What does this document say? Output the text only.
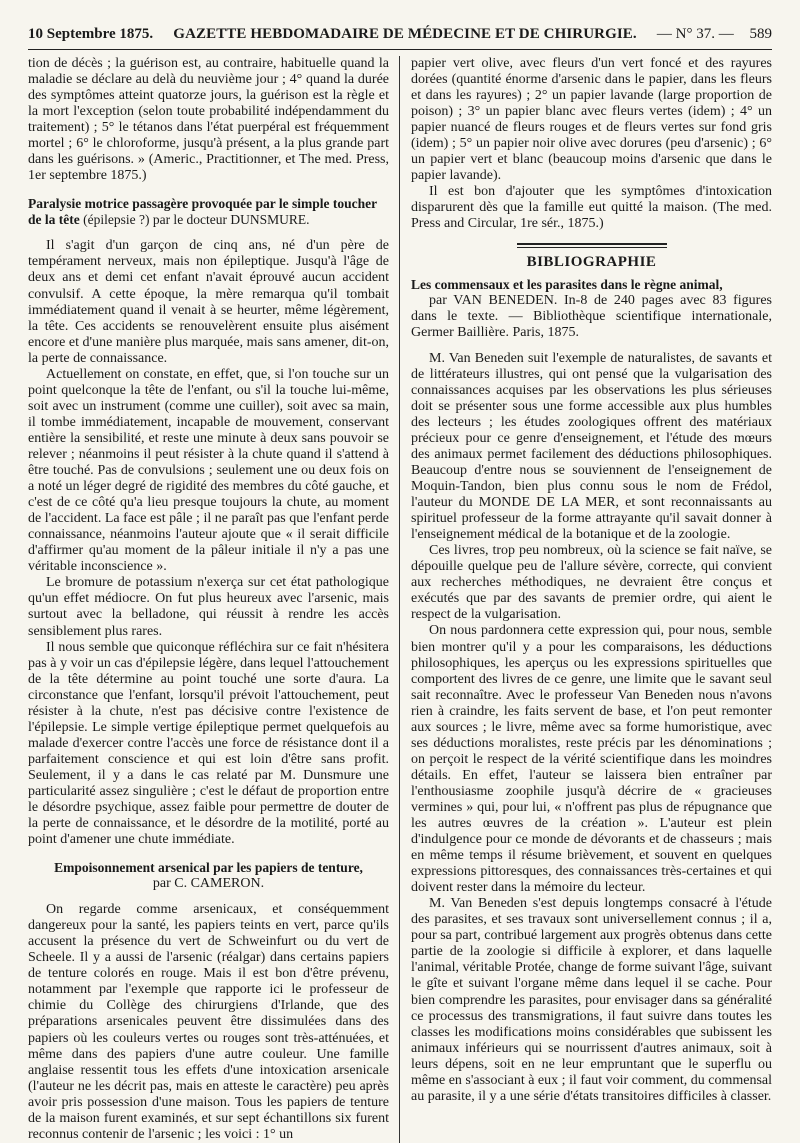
10 Septembre 1875. GAZETTE HEBDOMADAIRE DE MÉDECINE ET DE CHIRURGIE. — N° 37. — 589

tion de décès ; la guérison est, au contraire, habituelle quand la maladie se déclare au delà du neuvième jour ; 4° quand la durée des symptômes atteint quatorze jours, la guérison est la règle et la mort l'exception (selon toute probabilité indépendamment du traitement) ; 5° le tétanos dans l'état puerpéral est fréquemment mortel ; 6° le chloroforme, jusqu'à présent, a la plus grande part dans les guérisons. » (Americ., Practitionner, et The med. Press, 1er septembre 1875.)

Paralysie motrice passagère provoquée par le simple toucher de la tête (épilepsie ?) par le docteur DUNSMURE.

Il s'agit d'un garçon de cinq ans, né d'un père de tempérament nerveux, mais non épileptique. Jusqu'à l'âge de deux ans et demi cet enfant n'avait éprouvé aucun accident convulsif. A cette époque, la mère remarqua qu'il tombait immédiatement quand il venait à se heurter, même légèrement, la tête. Ces accidents se renouvelèrent ensuite plus aisément encore et d'une manière plus marquée, mais sans amener, dit-on, la perte de connaissance.

Actuellement on constate, en effet, que, si l'on touche sur un point quelconque la tête de l'enfant, ou s'il la touche lui-même, soit avec un instrument (comme une cuiller), soit avec sa main, il tombe immédiatement, incapable de mouvement, conservant entière la sensibilité, et reste une minute à deux sans pouvoir se relever ; néanmoins il peut résister à la chute quand il s'attend à être touché. Pas de convulsions ; seulement une ou deux fois on a noté un léger degré de rigidité des membres du côté gauche, et c'est de ce côté qu'a lieu presque toujours la chute, au moment de l'accident. La face est pâle ; il ne paraît pas que l'enfant perde connaissance, néanmoins l'auteur ajoute que « il serait difficile d'affirmer qu'au moment de la pâleur initiale il n'y a pas une véritable inconscience ».

Le bromure de potassium n'exerça sur cet état pathologique qu'un effet médiocre. On fut plus heureux avec l'arsenic, mais surtout avec la belladone, qui réussit à rendre les accès sensiblement plus rares.

Il nous semble que quiconque réfléchira sur ce fait n'hésitera pas à y voir un cas d'épilepsie légère, dans lequel l'attouchement de la tête détermine au point touché une sorte d'aura. La circonstance que l'enfant, lorsqu'il prévoit l'attouchement, peut résister à la chute, n'est pas décisive contre l'existence de l'épilepsie. Le simple vertige épileptique permet quelquefois au malade d'exercer contre l'accès une force de résistance dont il a parfaitement conscience et qui est loin d'être sans profit. Seulement, il y a dans le cas relaté par M. Dunsmure une particularité assez singulière ; c'est le défaut de proportion entre le désordre psychique, assez faible pour permettre de douter de la perte de connaissance, et le désordre de la motilité, porté au point d'amener une chute immédiate.

Empoisonnement arsenical par les papiers de tenture,
par C. CAMERON.

On regarde comme arsenicaux, et conséquemment dangereux pour la santé, les papiers teints en vert, parce qu'ils accusent la présence du vert de Schweinfurt ou du vert de Scheele. Il y a aussi de l'arsenic (réalgar) dans certains papiers de tenture colorés en rouge. Mais il est bon d'être prévenu, notamment par l'exemple que rapporte ici le professeur de chimie du Collège des chirurgiens d'Irlande, que des préparations arsenicales peuvent être dissimulées dans des papiers où les couleurs vertes ou rouges sont très-atténuées, et même dans des papiers d'une autre couleur. Une famille anglaise ressentit tous les effets d'une intoxication arsenicale (l'auteur ne les décrit pas, mais en atteste le caractère) peu après avoir pris possession d'une maison. Tous les papiers de tenture de la maison furent examinés, et sur sept échantillons six furent reconnus contenir de l'arsenic ; les voici : 1° un

papier vert olive, avec fleurs d'un vert foncé et des rayures dorées (quantité énorme d'arsenic dans le papier, dans les fleurs et dans les rayures) ; 2° un papier lavande (large proportion de poison) ; 3° un papier blanc avec fleurs vertes (idem) ; 4° un papier nuancé de fleurs rouges et de fleurs vertes sur fond gris (idem) ; 5° un papier noir olive avec dorures (peu d'arsenic) ; 6° un papier vert et blanc (beaucoup moins d'arsenic que dans le papier lavande).

Il est bon d'ajouter que les symptômes d'intoxication disparurent dès que la famille eut quitté la maison. (The med. Press and Circular, 1re sér., 1875.)

BIBLIOGRAPHIE
Les commensaux et les parasites dans le règne animal,

par VAN BENEDEN. In-8 de 240 pages avec 83 figures dans le texte. — Bibliothèque scientifique internationale, Germer Baillière. Paris, 1875.

M. Van Beneden suit l'exemple de naturalistes, de savants et de littérateurs illustres, qui ont pensé que la vulgarisation des connaissances acquises par les observations les plus sérieuses doit se présenter sous une forme accessible aux plus humbles des lecteurs ; les études zoologiques offrent des matériaux précieux pour ce genre d'enseignement, et l'étude des mœurs des animaux permet facilement des déductions philosophiques. Beaucoup d'entre nous se souviennent de l'enseignement de Moquin-Tandon, bien plus connu sous le nom de Frédol, l'auteur du MONDE DE LA MER, et sont reconnaissants au spirituel professeur de la forme attrayante qu'il savait donner à l'enseignement médical de la botanique et de la zoologie.

Ces livres, trop peu nombreux, où la science se fait naïve, se dépouille quelque peu de l'allure sévère, correcte, qui convient aux recherches méthodiques, ne devraient être conçus et exécutés que par des savants de premier ordre, qui aient le respect de la vulgarisation.

On nous pardonnera cette expression qui, pour nous, semble bien montrer qu'il y a pour les comparaisons, les déductions philosophiques, les aperçus ou les expressions spirituelles que comportent des livres de ce genre, une limite que le savant seul sait reconnaître. Avec le professeur Van Beneden nous n'avons rien à craindre, les faits servent de base, et l'on peut remonter aux sources ; le livre, même avec sa forme humoristique, avec ses déductions moralistes, reste précis par les dénominations ; on perçoit le respect de la vérité scientifique dans les moindres détails. En effet, l'auteur se laissera bien entraîner par l'enthousiasme zoophile jusqu'à décrire de « gracieuses vermines » qui, pour lui, « n'offrent pas plus de répugnance que les autres œuvres de la création ». L'auteur est plein d'indulgence pour ce monde de dévorants et de chasseurs ; mais en même temps il résume brièvement, et souvent en quelques expressions pittoresques, des connaissances très-certaines et qui doivent rester dans la mémoire du lecteur.

M. Van Beneden s'est depuis longtemps consacré à l'étude des parasites, et ses travaux sont universellement connus ; il a, pour sa part, contribué largement aux progrès obtenus dans cette partie de la zoologie si difficile à explorer, et dans laquelle l'animal, véritable Protée, change de forme suivant l'âge, suivant le gîte et suivant l'organe même dans lequel il se cache. Pour bien comprendre les parasites, pour envisager dans sa généralité ce processus des transmigrations, il faut suivre dans toutes les classes les modifications moins considérables que subissent les animaux inférieurs qui se nourrissent d'autres animaux, soit à leurs dépens, soit en ne leur empruntant que le superflu ou même en s'associant à eux ; il faut voir comment, du commensal au parasite, il y a une série d'états transitoires difficiles à classer.
